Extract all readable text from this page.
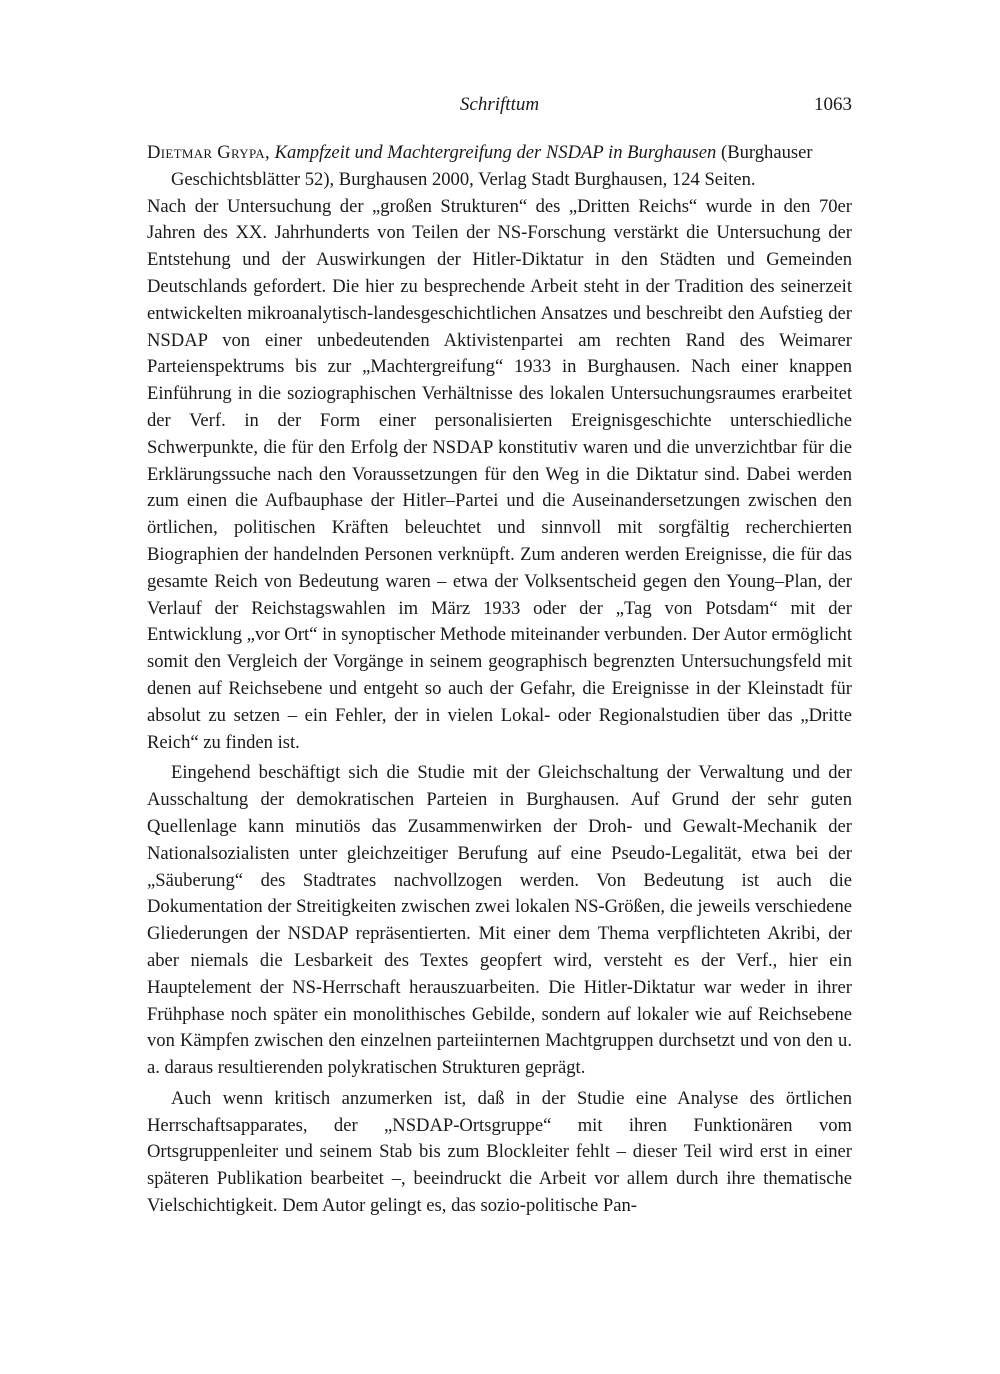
Schrifttum	1063
Dietmar Grypa, Kampfzeit und Machtergreifung der NSDAP in Burghausen (Burghauser Geschichtsblätter 52), Burghausen 2000, Verlag Stadt Burghausen, 124 Seiten.

Nach der Untersuchung der „großen Strukturen“ des „Dritten Reichs“ wurde in den 70er Jahren des XX. Jahrhunderts von Teilen der NS-Forschung verstärkt die Untersuchung der Entstehung und der Auswirkungen der Hitler-Diktatur in den Städten und Gemeinden Deutschlands gefordert. Die hier zu besprechende Arbeit steht in der Tradition des seinerzeit entwickelten mikroanalytisch-landesgeschichtlichen Ansatzes und beschreibt den Aufstieg der NSDAP von einer unbedeutenden Aktivistenpartei am rechten Rand des Weimarer Parteienspektrums bis zur „Machtergreifung“ 1933 in Burghausen. Nach einer knappen Einführung in die soziographischen Verhältnisse des lokalen Untersuchungsraumes erarbeitet der Verf. in der Form einer personalisierten Ereignisgeschichte unterschiedliche Schwerpunkte, die für den Erfolg der NSDAP konstitutiv waren und die unverzichtbar für die Erklärungssuche nach den Voraussetzungen für den Weg in die Diktatur sind. Dabei werden zum einen die Aufbauphase der Hitler–Partei und die Auseinandersetzungen zwischen den örtlichen, politischen Kräften beleuchtet und sinnvoll mit sorgfältig recherchierten Biographien der handelnden Personen verknüpft. Zum anderen werden Ereignisse, die für das gesamte Reich von Bedeutung waren – etwa der Volksentscheid gegen den Young–Plan, der Verlauf der Reichstagswahlen im März 1933 oder der „Tag von Potsdam“ mit der Entwicklung „vor Ort“ in synoptischer Methode miteinander verbunden. Der Autor ermöglicht somit den Vergleich der Vorgänge in seinem geographisch begrenzten Untersuchungsfeld mit denen auf Reichsebene und entgeht so auch der Gefahr, die Ereignisse in der Kleinstadt für absolut zu setzen – ein Fehler, der in vielen Lokal- oder Regionalstudien über das „Dritte Reich“ zu finden ist.

Eingehend beschäftigt sich die Studie mit der Gleichschaltung der Verwaltung und der Ausschaltung der demokratischen Parteien in Burghausen. Auf Grund der sehr guten Quellenlage kann minutiös das Zusammenwirken der Droh- und Gewalt-Mechanik der Nationalsozialisten unter gleichzeitiger Berufung auf eine Pseudo-Legalität, etwa bei der „Säuberung“ des Stadtrates nachvollzogen werden. Von Bedeutung ist auch die Dokumentation der Streitigkeiten zwischen zwei lokalen NS-Größen, die jeweils verschiedene Gliederungen der NSDAP repräsentierten. Mit einer dem Thema verpflichteten Akribi, der aber niemals die Lesbarkeit des Textes geopfert wird, versteht es der Verf., hier ein Hauptelement der NS-Herrschaft herauszuarbeiten. Die Hitler-Diktatur war weder in ihrer Frühphase noch später ein monolithisches Gebilde, sondern auf lokaler wie auf Reichsebene von Kämpfen zwischen den einzelnen parteiinternen Machtgruppen durchsetzt und von den u. a. daraus resultierenden polykratischen Strukturen geprägt.

Auch wenn kritisch anzumerken ist, daß in der Studie eine Analyse des örtlichen Herrschaftsapparates, der „NSDAP-Ortsgruppe“ mit ihren Funktionären vom Ortsgruppenleiter und seinem Stab bis zum Blockleiter fehlt – dieser Teil wird erst in einer späteren Publikation bearbeitet –, beeindruckt die Arbeit vor allem durch ihre thematische Vielschichtigkeit. Dem Autor gelingt es, das sozio-politische Pan-
